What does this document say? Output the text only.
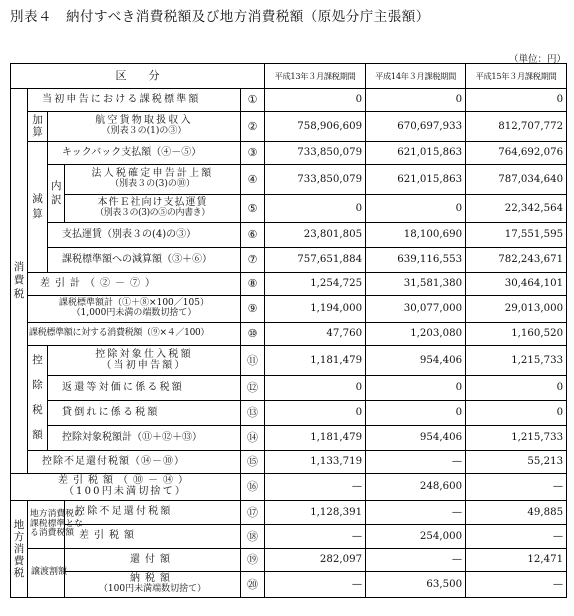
別表４　納付すべき消費税額及び地方消費税額（原処分庁主張額）
（単位：円）
区　　分					平成13年３月課税期間	平成14年３月課税期間	平成15年３月課税期間

消費税	当初申告における課税標準額			①	0	0	0

	加算	航空貨物取扱収入
（別表３の(1)の③）		②	758,906,609	670,697,933	812,707,772

	減算	キックバック支払額（④－⑤）		③	733,850,079	621,015,863	764,692,076

		内訳	法人税確定申告計上額
（別表３の(3)の⑩）	④	733,850,079	621,015,863	787,034,640

			本件Ｅ社向け支払運賃
（別表３の(3)の⑤の内書き）	⑤	0	0	22,342,564
		支払運賃（別表３の(4)の③）		⑥	23,801,805	18,100,690	17,551,595
		課税標準額への減算額（③＋⑥）		⑦	757,651,884	639,116,553	782,243,671
	差引計（②－⑦）			⑧	1,254,725	31,581,380	30,464,101

	課税標準額計（①＋⑧×100／105）
（1,000円未満の端数切捨て）			⑨	1,194,000	30,077,000	29,013,000
	課税標準額に対する消費税額（⑨×４／100）			⑩	47,760	1,203,080	1,160,520

	控除税額	控除対象仕入税額
（当初申告額）		⑪	1,181,479	954,406	1,215,733
		返還等対価に係る税額		⑫	0	0	0
		貸倒れに係る税額		⑬	0	0	0
		控除対象税額計（⑪＋⑫＋⑬）		⑭	1,181,479	954,406	1,215,733
	控除不足還付税額（⑭－⑩）			⑮	1,133,719	—	55,213

差引税額（⑩－⑭）
（100円未満切捨て）				⑯	—	248,600	—

地方消費税	地方消費税の課税標準となる消費税額		控除不足還付税額	⑰	1,128,391	—	49,885
			差引税額	⑱	—	254,000	—
	譲渡割額		還付額	⑲	282,097	—	12,471

			納税額
（100円未満端数切捨て）	⑳	—	63,500	—
